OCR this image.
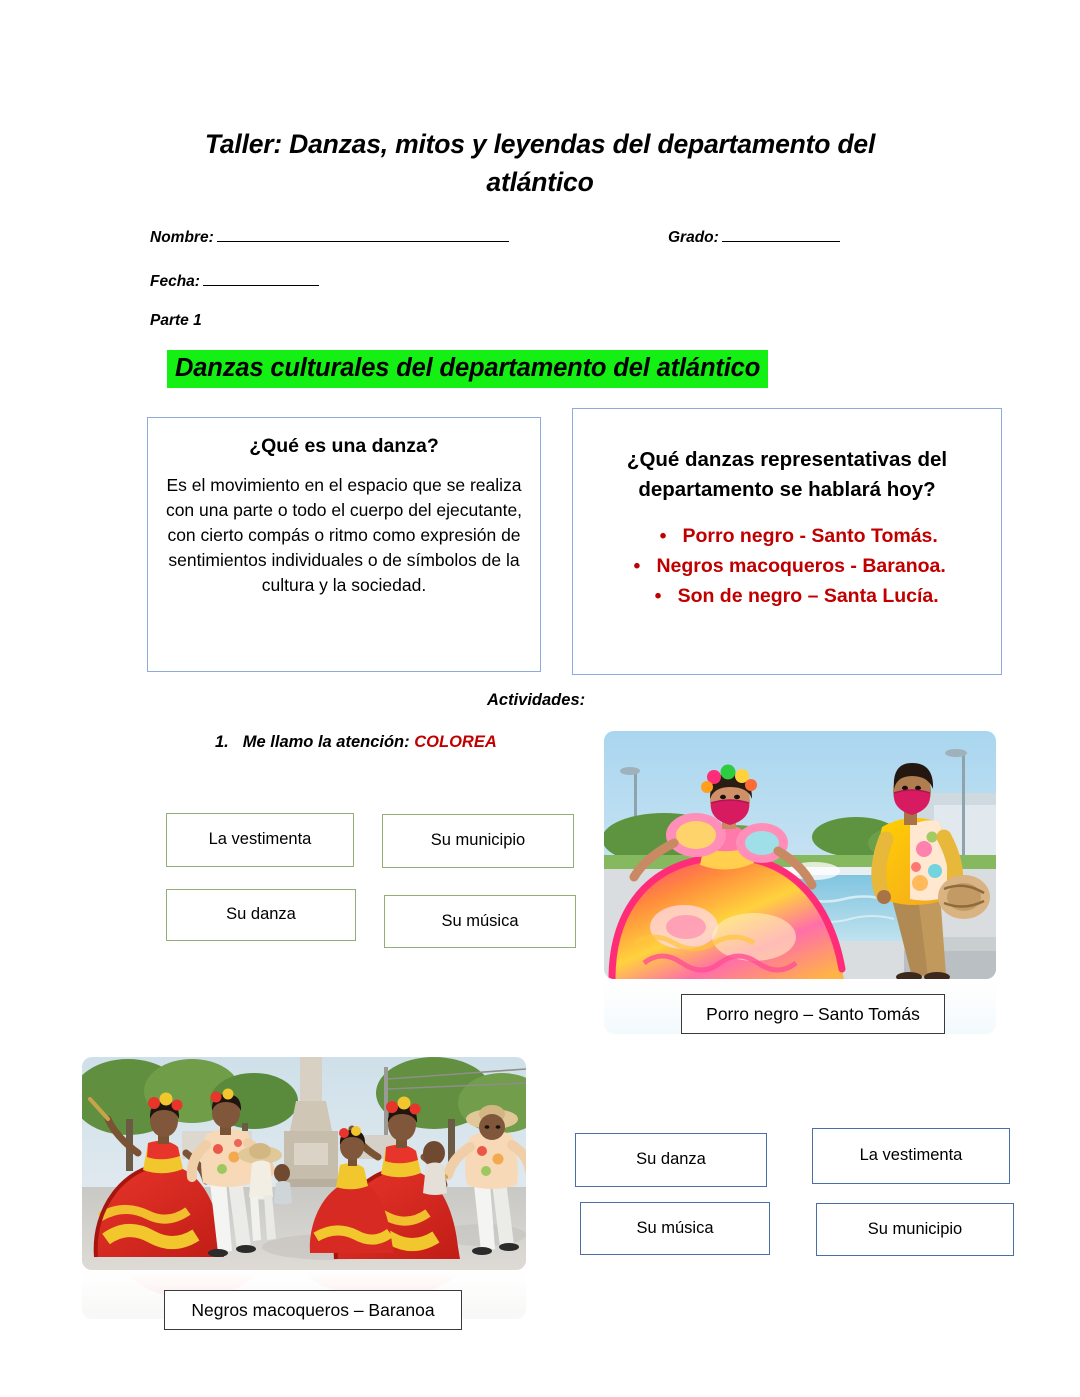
Taller: Danzas, mitos y leyendas del departamento del atlántico
Nombre:	Grado:
Fecha:
Parte 1
Danzas culturales del departamento del atlántico
¿Qué es una danza?
Es el movimiento en el espacio que se realiza con una parte o todo el cuerpo del ejecutante, con cierto compás o ritmo como expresión de sentimientos individuales o de símbolos de la cultura y la sociedad.
¿Qué danzas representativas del departamento se hablará hoy?
• Porro negro - Santo Tomás.
• Negros macoqueros - Baranoa.
• Son de negro – Santa Lucía.
Actividades:
1. Me llamo la atención: COLOREA
La vestimenta	Su municipio
Su danza	Su música
Porro negro – Santo Tomás
Negros macoqueros – Baranoa
Su danza	La vestimenta
Su música	Su municipio
